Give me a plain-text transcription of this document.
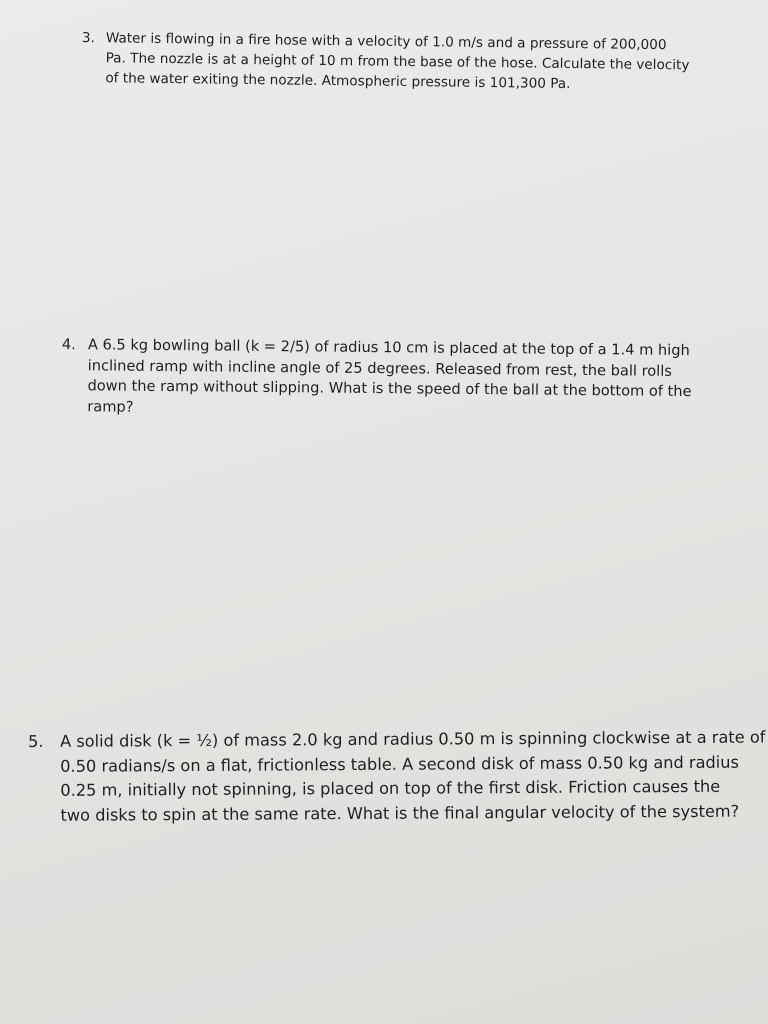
3. Water is flowing in a fire hose with a velocity of 1.0 m/s and a pressure of 200,000
Pa. The nozzle is at a height of 10 m from the base of the hose. Calculate the velocity
of the water exiting the nozzle. Atmospheric pressure is 101,300 Pa.
4. A 6.5 kg bowling ball (k = 2/5) of radius 10 cm is placed at the top of a 1.4 m high
inclined ramp with incline angle of 25 degrees. Released from rest, the ball rolls
down the ramp without slipping. What is the speed of the ball at the bottom of the
ramp?
5. A solid disk (k = ½) of mass 2.0 kg and radius 0.50 m is spinning clockwise at a rate of
0.50 radians/s on a flat, frictionless table. A second disk of mass 0.50 kg and radius
0.25 m, initially not spinning, is placed on top of the first disk. Friction causes the
two disks to spin at the same rate. What is the final angular velocity of the system?
